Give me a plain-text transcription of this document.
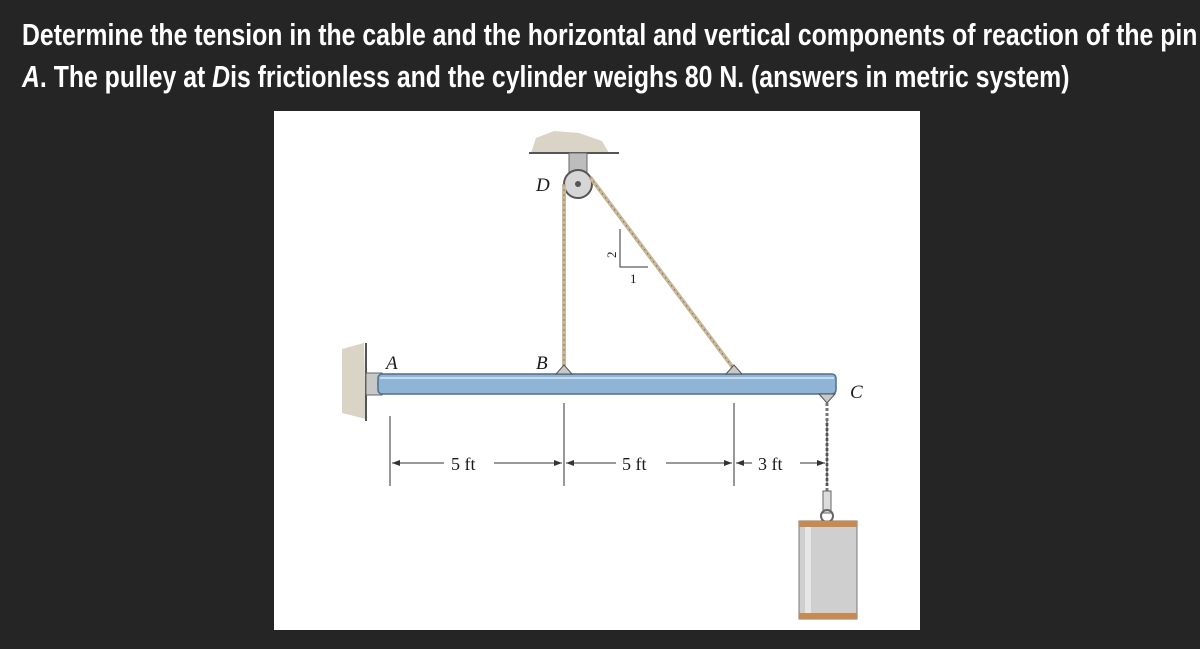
Determine the tension in the cable and the horizontal and vertical components of reaction of the pin
A. The pulley at Dis frictionless and the cylinder weighs 80 N. (answers in metric system)
2
1
A
D
B
C
5 ft	5 ft	3 ft
